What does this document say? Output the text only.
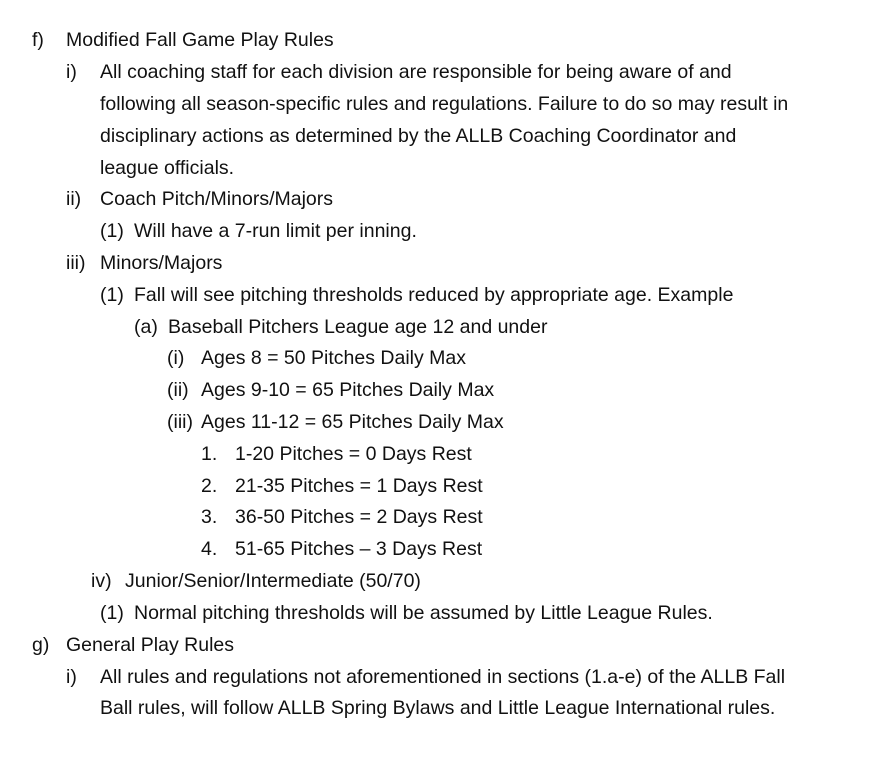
f) Modified Fall Game Play Rules
i) All coaching staff for each division are responsible for being aware of and
following all season-specific rules and regulations. Failure to do so may result in
disciplinary actions as determined by the ALLB Coaching Coordinator and
league officials.
ii) Coach Pitch/Minors/Majors
(1) Will have a 7-run limit per inning.
iii) Minors/Majors
(1) Fall will see pitching thresholds reduced by appropriate age. Example
(a) Baseball Pitchers League age 12 and under
(i) Ages 8 = 50 Pitches Daily Max
(ii) Ages 9-10 = 65 Pitches Daily Max
(iii) Ages 11-12 = 65 Pitches Daily Max
1. 1-20 Pitches = 0 Days Rest
2. 21-35 Pitches = 1 Days Rest
3. 36-50 Pitches = 2 Days Rest
4. 51-65 Pitches – 3 Days Rest
iv) Junior/Senior/Intermediate (50/70)
(1) Normal pitching thresholds will be assumed by Little League Rules.
g) General Play Rules
i) All rules and regulations not aforementioned in sections (1.a-e) of the ALLB Fall
Ball rules, will follow ALLB Spring Bylaws and Little League International rules.
